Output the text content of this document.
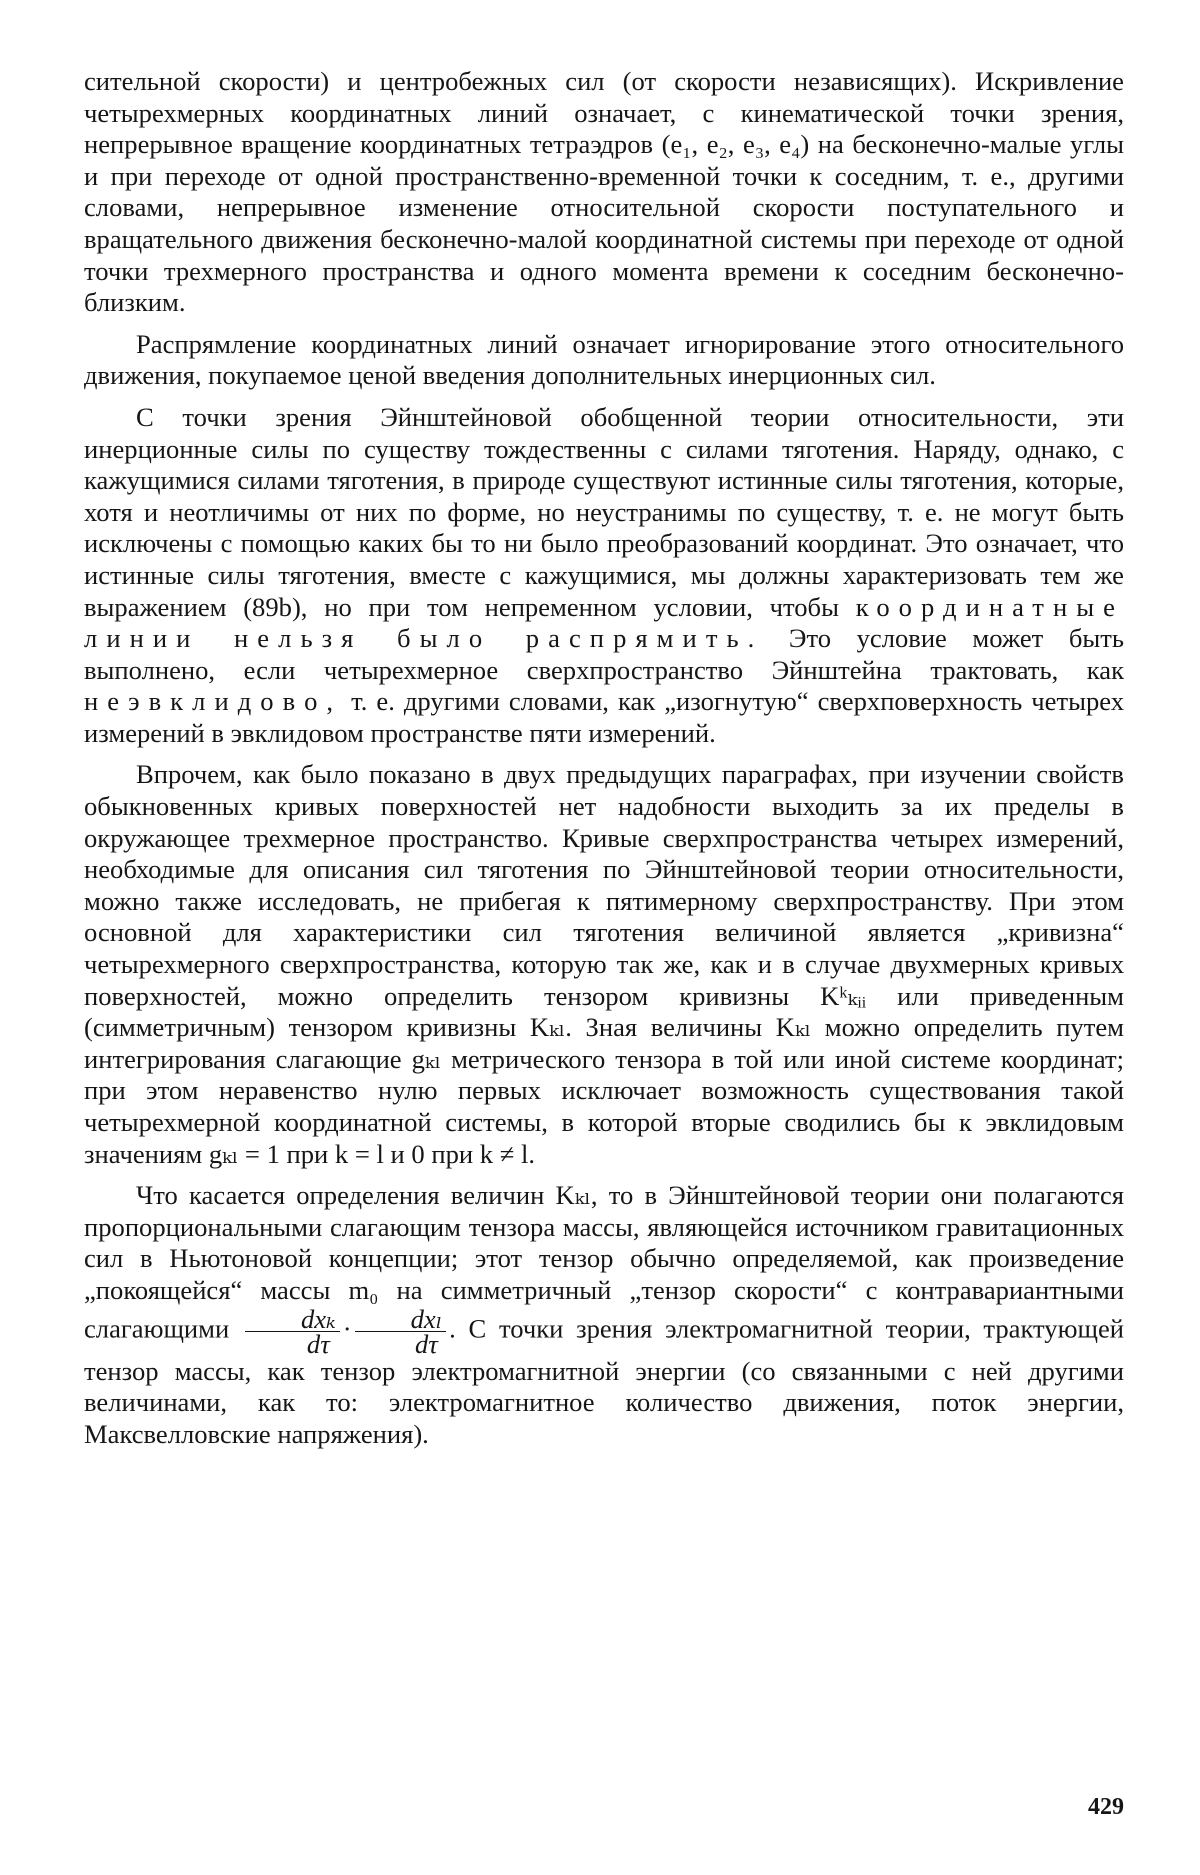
сительной скорости) и центробежных сил (от скорости независящих). Искривление четырехмерных координатных линий означает, с кинематической точки зрения, непрерывное вращение координатных тетраэдров (e₁, e₂, e₃, e₄) на бесконечно-малые углы и при переходе от одной пространственно-временной точки к соседним, т. е., другими словами, непрерывное изменение относительной скорости поступательного и вращательного движения бесконечно-малой координатной системы при переходе от одной точки трехмерного пространства и одного момента времени к соседним бесконечно-близким.

Распрямление координатных линий означает игнорирование этого относительного движения, покупаемое ценой введения дополнительных инерционных сил.

С точки зрения Эйнштейновой обобщенной теории относительности, эти инерционные силы по существу тождественны с силами тяготения. Наряду, однако, с кажущимися силами тяготения, в природе существуют истинные силы тяготения, которые, хотя и неотличимы от них по форме, но неустранимы по существу, т. е. не могут быть исключены с помощью каких бы то ни было преобразований координат. Это означает, что истинные силы тяготения, вместе с кажущимися, мы должны характеризовать тем же выражением (89b), но при том непременном условии, чтобы координатные линии нельзя было распрямить. Это условие может быть выполнено, если четырехмерное сверхпространство Эйнштейна трактовать, как неэвклидово, т. е. другими словами, как „изогнутую“ сверхповерхность четырех измерений в эвклидовом пространстве пяти измерений.

Впрочем, как было показано в двух предыдущих параграфах, при изучении свойств обыкновенных кривых поверхностей нет надобности выходить за их пределы в окружающее трехмерное пространство. Кривые сверхпространства четырех измерений, необходимые для описания сил тяготения по Эйнштейновой теории относительности, можно также исследовать, не прибегая к пятимерному сверхпространству. При этом основной для характеристики сил тяготения величиной является „кривизна“ четырехмерного сверхпространства, которую так же, как и в случае двухмерных кривых поверхностей, можно определить тензором кривизны Kᵏₖᵢᵢ или приведенным (симметричным) тензором кривизны Kₖₗ. Зная величины Kₖₗ можно определить путем интегрирования слагающие gₖₗ метрического тензора в той или иной системе координат; при этом неравенство нулю первых исключает возможность существования такой четырехмерной координатной системы, в которой вторые сводились бы к эвклидовым значениям gₖₗ = 1 при k = l и 0 при k ≠ l.

Что касается определения величин Kₖₗ, то в Эйнштейновой теории они полагаются пропорциональными слагающим тензора массы, являющейся источником гравитационных сил в Ньютоновой концепции; этот тензор обычно определяемой, как произведение „покоящейся“ массы m₀ на симметричный „тензор скорости“ с контравариантными слагающими $\frac{\text{dxₖ}}{d\tau} \cdot \frac{\text{dxₗ}}{d\tau}$ . С точки зрения электромагнитной теории, трактующей тензор массы, как тензор электромагнитной энергии (со связанными с ней другими величинами, как то: электромагнитное количество движения, поток энергии, Максвелловские напряжения).

429
